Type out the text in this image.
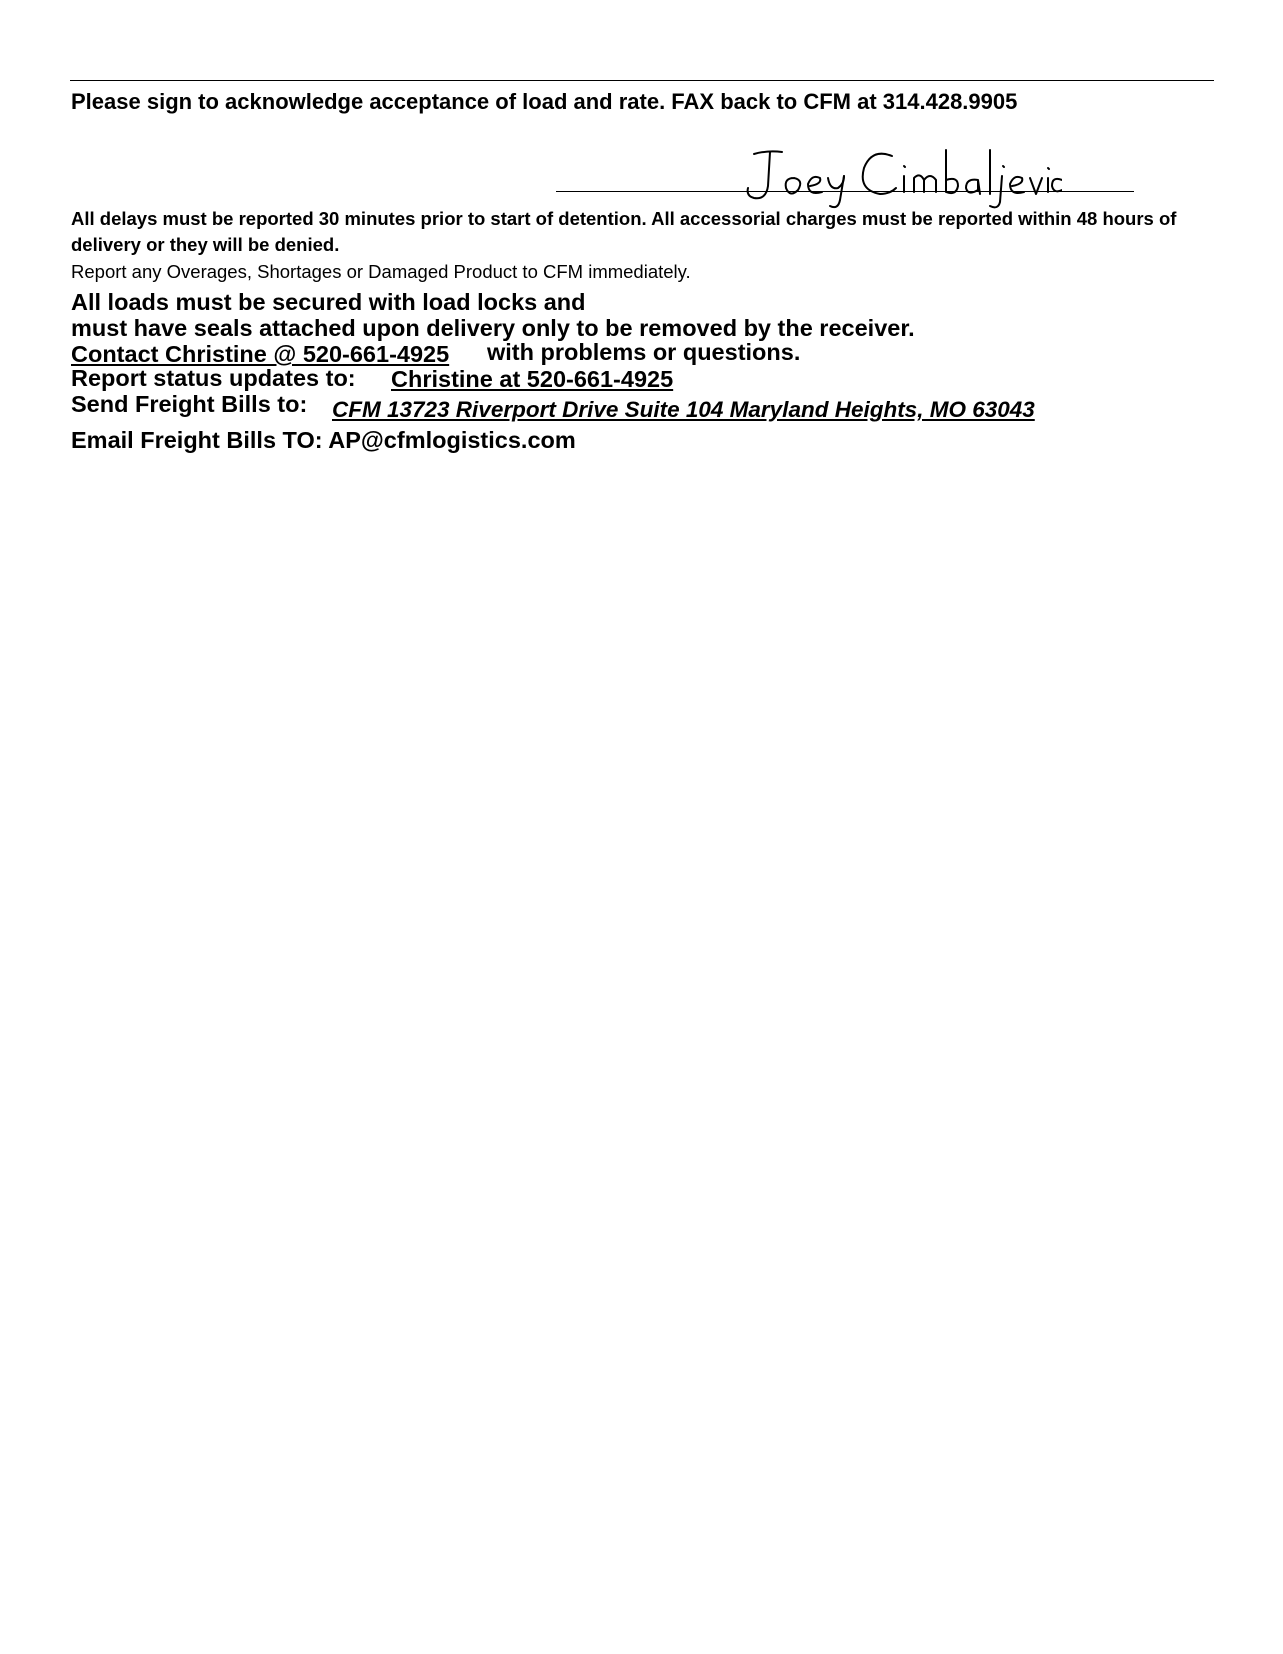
Please sign to acknowledge acceptance of load and rate. FAX back to CFM at 314.428.9905
All delays must be reported 30 minutes prior to start of detention. All accessorial charges must be reported within 48 hours of delivery or they will be denied.
Report any Overages, Shortages or Damaged Product to CFM immediately.
All loads must be secured with load locks and
must have seals attached upon delivery only to be removed by the receiver.
Contact Christine @ 520-661-4925 with problems or questions.
Report status updates to: Christine at 520-661-4925
Send Freight Bills to: CFM 13723 Riverport Drive Suite 104 Maryland Heights, MO 63043
Email Freight Bills TO: AP@cfmlogistics.com
